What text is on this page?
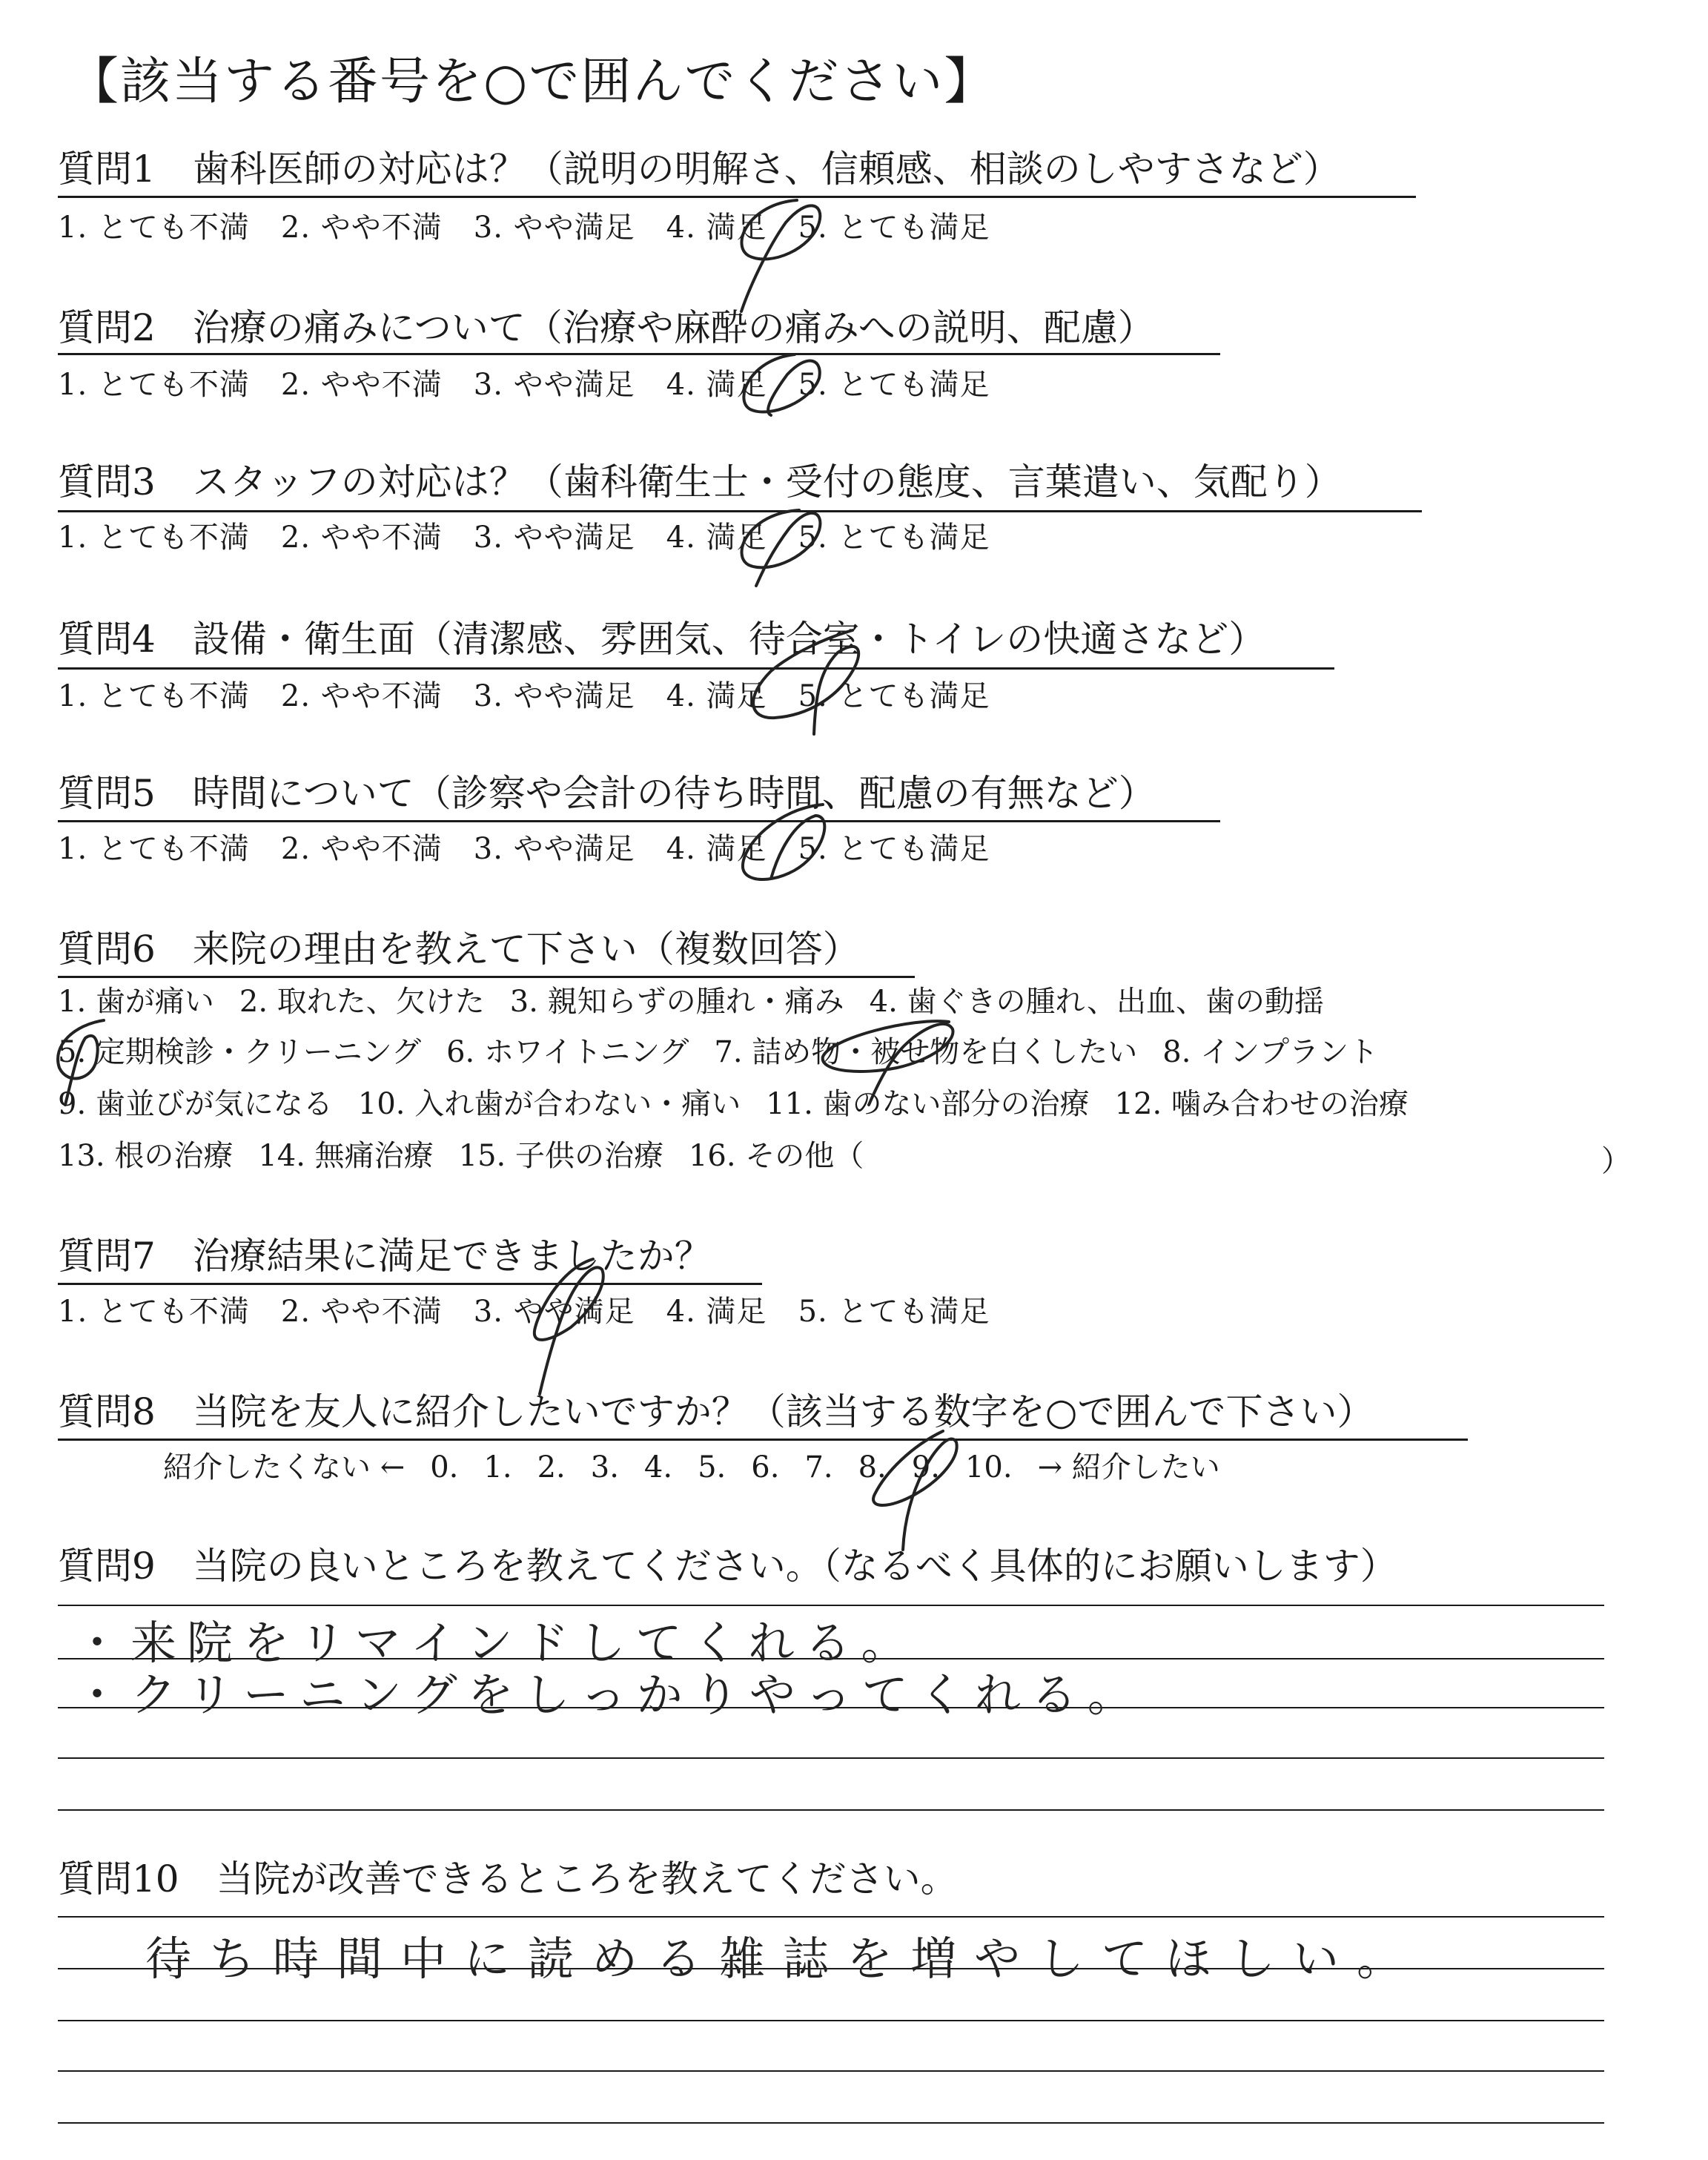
【該当する番号を○で囲んでください】
質問1　歯科医師の対応は？（説明の明解さ、信頼感、相談のしやすさなど）
1. とても不満 2. やや不満 3. やや満足 4. 満足 5. とても満足
質問2　治療の痛みについて（治療や麻酔の痛みへの説明、配慮）
1. とても不満 2. やや不満 3. やや満足 4. 満足 5. とても満足
質問3　スタッフの対応は？（歯科衛生士・受付の態度、言葉遣い、気配り）
1. とても不満 2. やや不満 3. やや満足 4. 満足 5. とても満足
質問4　設備・衛生面（清潔感、雰囲気、待合室・トイレの快適さなど）
1. とても不満 2. やや不満 3. やや満足 4. 満足 5. とても満足
質問5　時間について（診察や会計の待ち時間、配慮の有無など）
1. とても不満 2. やや不満 3. やや満足 4. 満足 5. とても満足
質問6　来院の理由を教えて下さい（複数回答）
1. 歯が痛い 2. 取れた、欠けた 3. 親知らずの腫れ・痛み 4. 歯ぐきの腫れ、出血、歯の動揺
5. 定期検診・クリーニング 6. ホワイトニング 7. 詰め物・被せ物を白くしたい 8. インプラント
9. 歯並びが気になる 10. 入れ歯が合わない・痛い 11. 歯のない部分の治療 12. 噛み合わせの治療
13. 根の治療 14. 無痛治療 15. 子供の治療 16. その他（	）
質問7　治療結果に満足できましたか？
1. とても不満 2. やや不満 3. やや満足 4. 満足 5. とても満足
質問8　当院を友人に紹介したいですか？（該当する数字を○で囲んで下さい）
紹介したくない ← 0. 1. 2. 3. 4. 5. 6. 7. 8. 9. 10. → 紹介したい
質問9　当院の良いところを教えてください。（なるべく具体的にお願いします）
・来院をリマインドしてくれる。
・クリーニングをしっかりやってくれる。
質問10　当院が改善できるところを教えてください。
待ち時間中に読める雑誌を増やしてほしい。
